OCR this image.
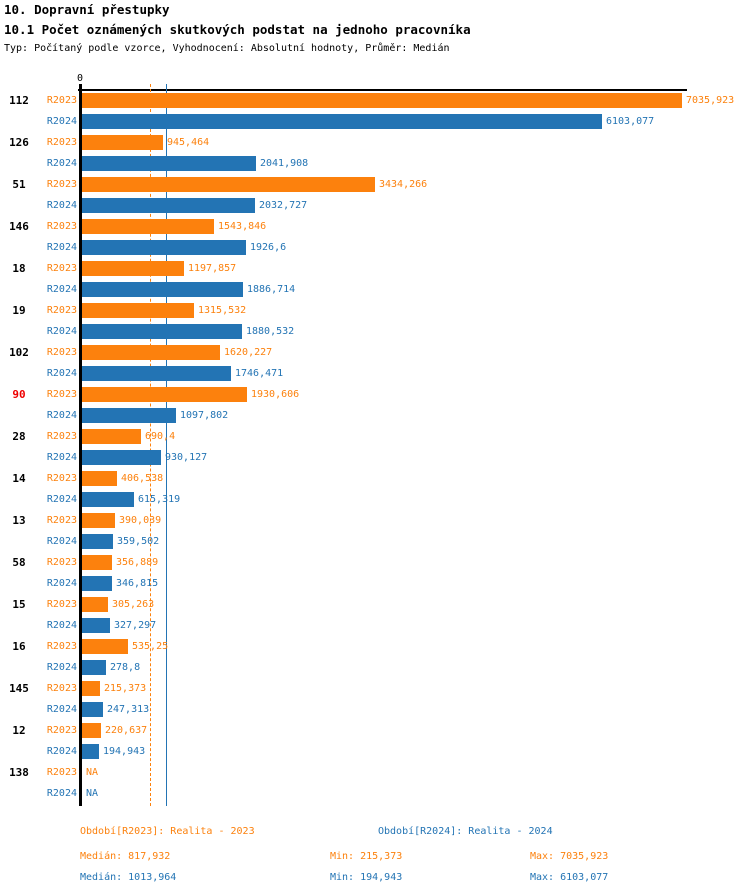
10. Dopravní přestupky
10.1 Počet oznámených skutkových podstat na jednoho pracovníka
Typ: Počítaný podle vzorce, Vyhodnocení: Absolutní hodnoty, Průměr: Medián
0
112	R2023	7035,923
R2024	6103,077
126	R2023	945,464
R2024	2041,908
51	R2023	3434,266
R2024	2032,727
146	R2023	1543,846
R2024	1926,6
18	R2023	1197,857
R2024	1886,714
19	R2023	1315,532
R2024	1880,532
102	R2023	1620,227
R2024	1746,471
90	R2023	1930,606
R2024	1097,802
28	R2023	690,4
R2024	930,127
14	R2023	406,538
R2024	615,319
13	R2023	390,039
R2024	359,502
58	R2023	356,889
R2024	346,815
15	R2023	305,263
R2024	327,297
16	R2023	535,25
R2024	278,8
145	R2023	215,373
R2024	247,313
12	R2023	220,637
R2024	194,943
138	R2023 NA
R2024 NA
Období[R2023]: Realita - 2023	Období[R2024]: Realita - 2024
Medián: 817,932	Min: 215,373	Max: 7035,923
Medián: 1013,964	Min: 194,943	Max: 6103,077
